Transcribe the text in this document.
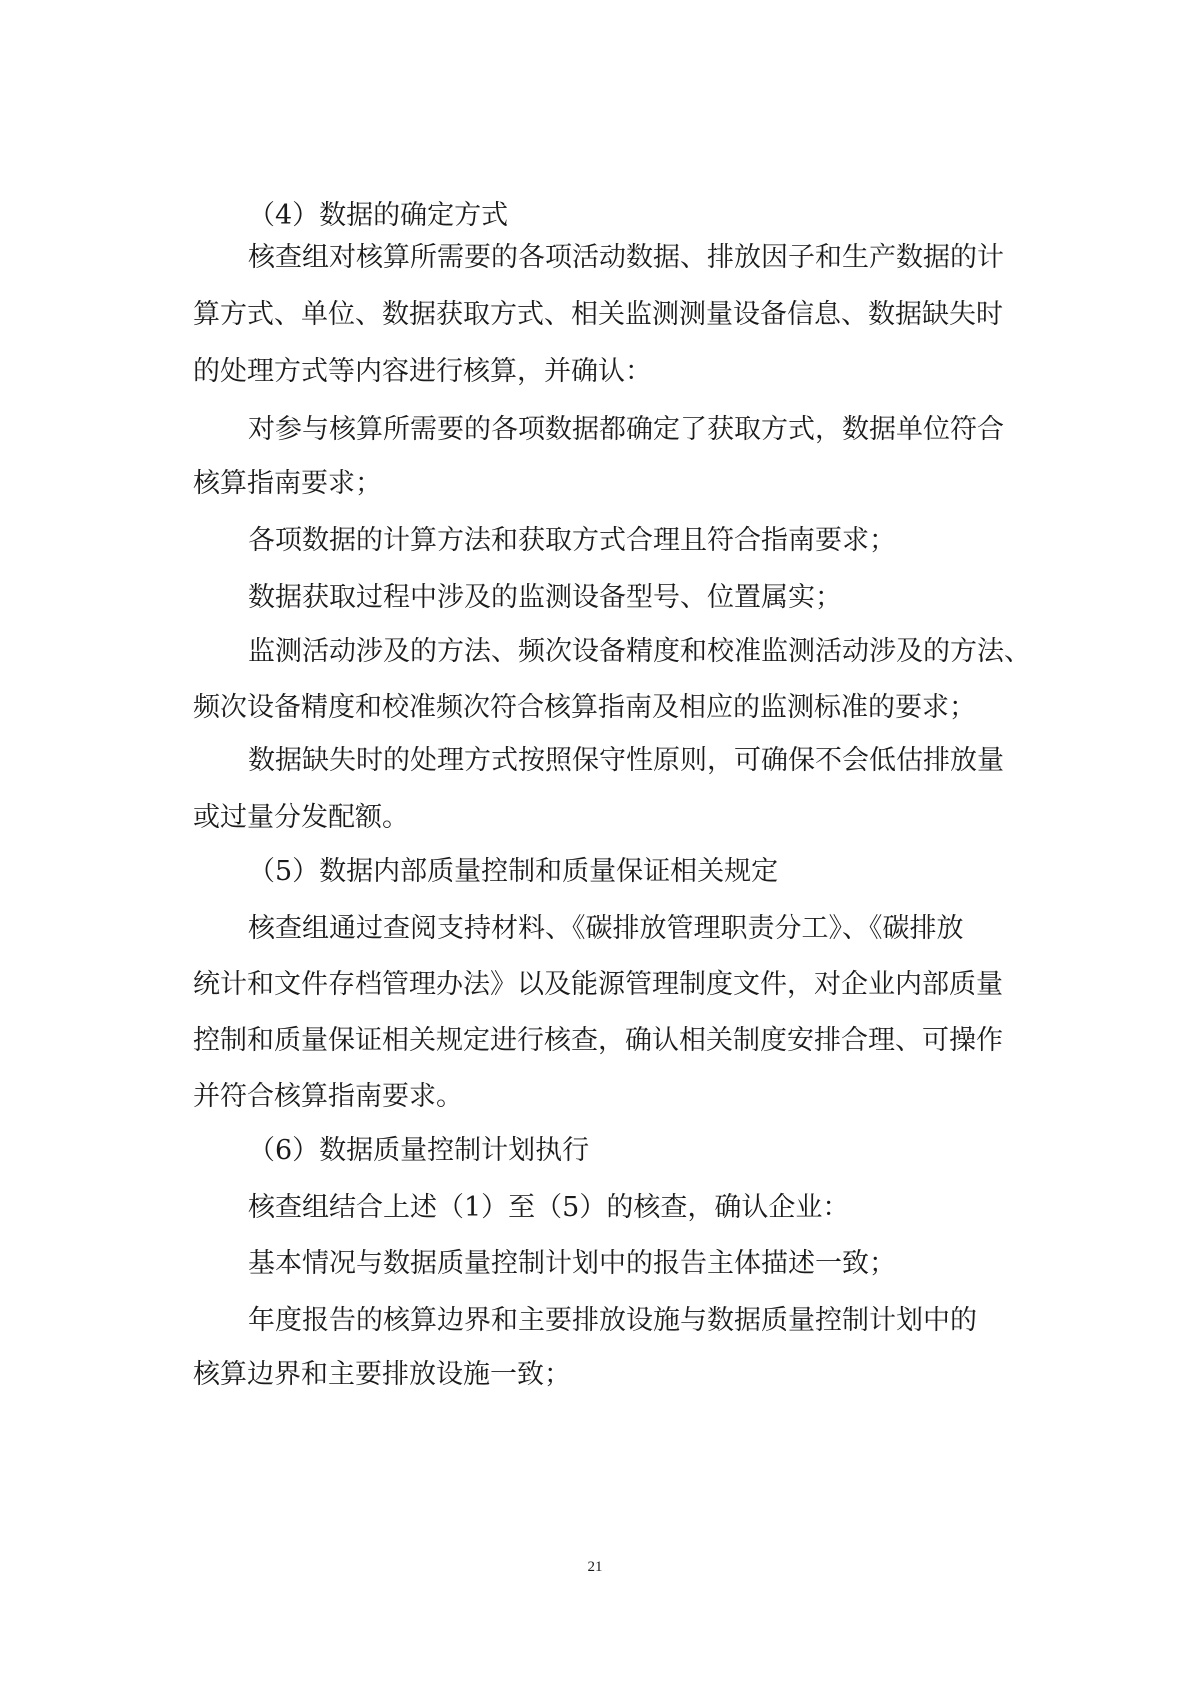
（4）数据的确定方式
核查组对核算所需要的各项活动数据、排放因子和生产数据的计
算方式、单位、数据获取方式、相关监测测量设备信息、数据缺失时
的处理方式等内容进行核算，并确认：
对参与核算所需要的各项数据都确定了获取方式，数据单位符合
核算指南要求；
各项数据的计算方法和获取方式合理且符合指南要求；
数据获取过程中涉及的监测设备型号、位置属实；
监测活动涉及的方法、频次设备精度和校准监测活动涉及的方法、
频次设备精度和校准频次符合核算指南及相应的监测标准的要求；
数据缺失时的处理方式按照保守性原则，可确保不会低估排放量
或过量分发配额。
（5）数据内部质量控制和质量保证相关规定
核查组通过查阅支持材料、《碳排放管理职责分工》、《碳排放
统计和文件存档管理办法》以及能源管理制度文件，对企业内部质量
控制和质量保证相关规定进行核查，确认相关制度安排合理、可操作
并符合核算指南要求。
（6）数据质量控制计划执行
核查组结合上述（1）至（5）的核查，确认企业：
基本情况与数据质量控制计划中的报告主体描述一致；
年度报告的核算边界和主要排放设施与数据质量控制计划中的
核算边界和主要排放设施一致；
21
